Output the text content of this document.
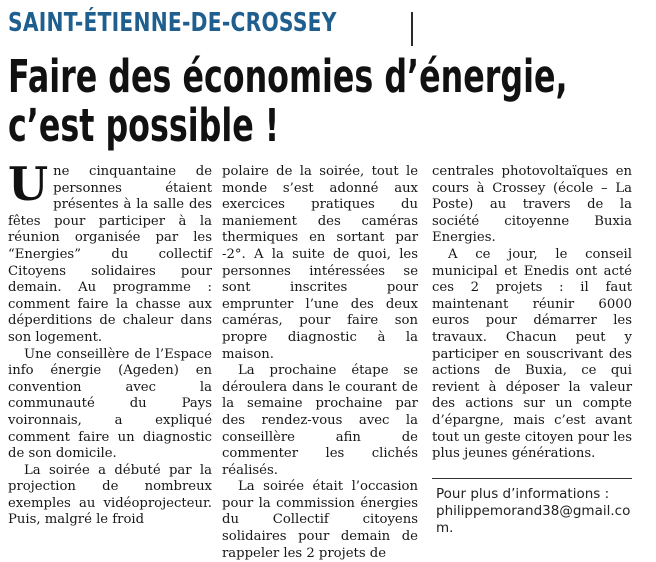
SAINT-ÉTIENNE-DE-CROSSEY
Faire des économies d’énergie,
c’est possible !

Une cinquantaine de personnes étaient présentes à la salle des fêtes pour participer à la réunion organisée par les “Energies” du collectif Citoyens solidaires pour demain. Au programme : comment faire la chasse aux déperditions de chaleur dans son logement.

Une conseillère de l’Espace info énergie (Ageden) en convention avec la communauté du Pays voironnais, a expliqué comment faire un diagnostic de son domicile.

La soirée a débuté par la projection de nombreux exemples au vidéoprojecteur. Puis, malgré le froid

polaire de la soirée, tout le monde s’est adonné aux exercices pratiques du maniement des caméras thermiques en sortant par -2°. A la suite de quoi, les personnes intéressées se sont inscrites pour emprunter l’une des deux caméras, pour faire son propre diagnostic à la maison.

La prochaine étape se déroulera dans le courant de la semaine prochaine par des rendez-vous avec la conseillère afin de commenter les clichés réalisés.

La soirée était l’occasion pour la commission énergies du Collectif citoyens solidaires pour demain de rappeler les 2 projets de

centrales photovoltaïques en cours à Crossey (école – La Poste) au travers de la société citoyenne Buxia Energies.

A ce jour, le conseil municipal et Enedis ont acté ces 2 projets : il faut maintenant réunir 6000 euros pour démarrer les travaux. Chacun peut y participer en souscrivant des actions de Buxia, ce qui revient à déposer la valeur des actions sur un compte d’épargne, mais c’est avant tout un geste citoyen pour les plus jeunes générations.

Pour plus d’informations :
philippemorand38@gmail.com.
